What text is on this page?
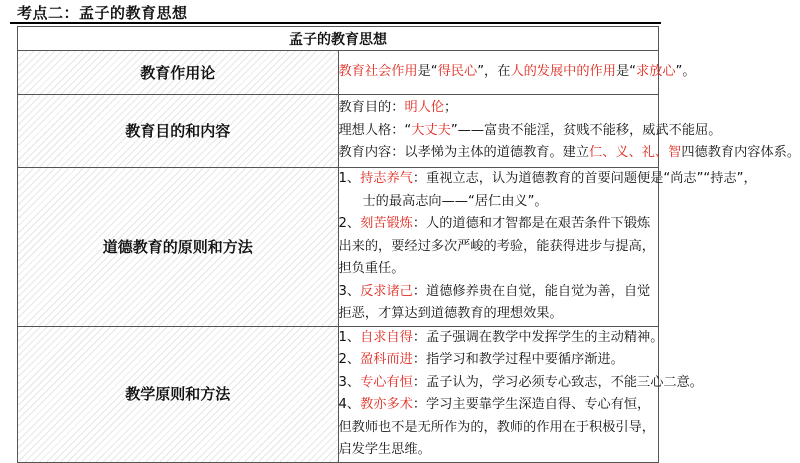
考点二：孟子的教育思想
孟子的教育思想	
教育作用论	教育社会作用是“得民心”，在人的发展中的作用是“求放心”。

教育目的和内容	教育目的：明人伦；
理想人格：“大丈夫”——富贵不能淫，贫贱不能移，威武不能屈。
教育内容：以孝悌为主体的道德教育。建立仁、义、礼、智四德教育内容体系。

道德教育的原则和方法	1、持志养气：重视立志，认为道德教育的首要问题便是“尚志”“持志”，
士的最高志向——“居仁由义”。
2、刻苦锻炼：人的道德和才智都是在艰苦条件下锻炼出来的，要经过多次严峻的考验，能获得进步与提高，担负重任。
3、反求诸己：道德修养贵在自觉，能自觉为善，自觉拒恶，才算达到道德教育的理想效果。

教学原则和方法	1、自求自得：孟子强调在教学中发挥学生的主动精神。
2、盈科而进：指学习和教学过程中要循序渐进。
3、专心有恒：孟子认为，学习必须专心致志，不能三心二意。
4、教亦多术：学习主要靠学生深造自得、专心有恒，但教师也不是无所作为的，教师的作用在于积极引导，启发学生思维。
